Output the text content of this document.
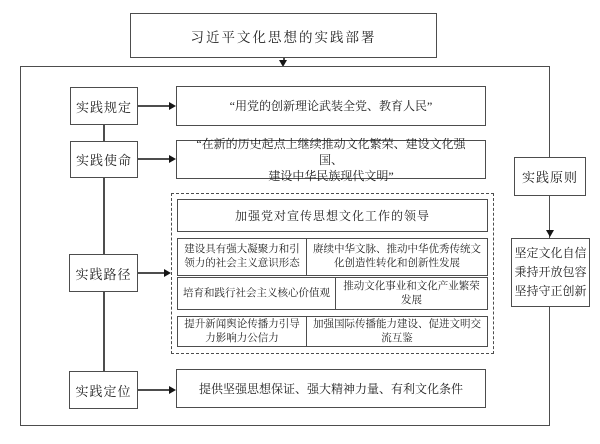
习近平文化思想的实践部署
实践规定	“用党的创新理论武装全党、教育人民”
实践使命
“在新的历史起点上继续推动文化繁荣、建设文化强国、
建设中华民族现代文明”
实践路径
加强党对宣传思想文化工作的领导
建设具有强大凝聚力和引领力的社会主义意识形态
赓续中华文脉、推动中华优秀传统文化创造性转化和创新性发展
培育和践行社会主义核心价值观
推动文化事业和文化产业繁荣发展
提升新闻舆论传播力引导力影响力公信力
加强国际传播能力建设、促进文明交流互鉴
实践定位	提供坚强思想保证、强大精神力量、有利文化条件
实践原则
坚定文化自信
秉持开放包容
坚持守正创新
